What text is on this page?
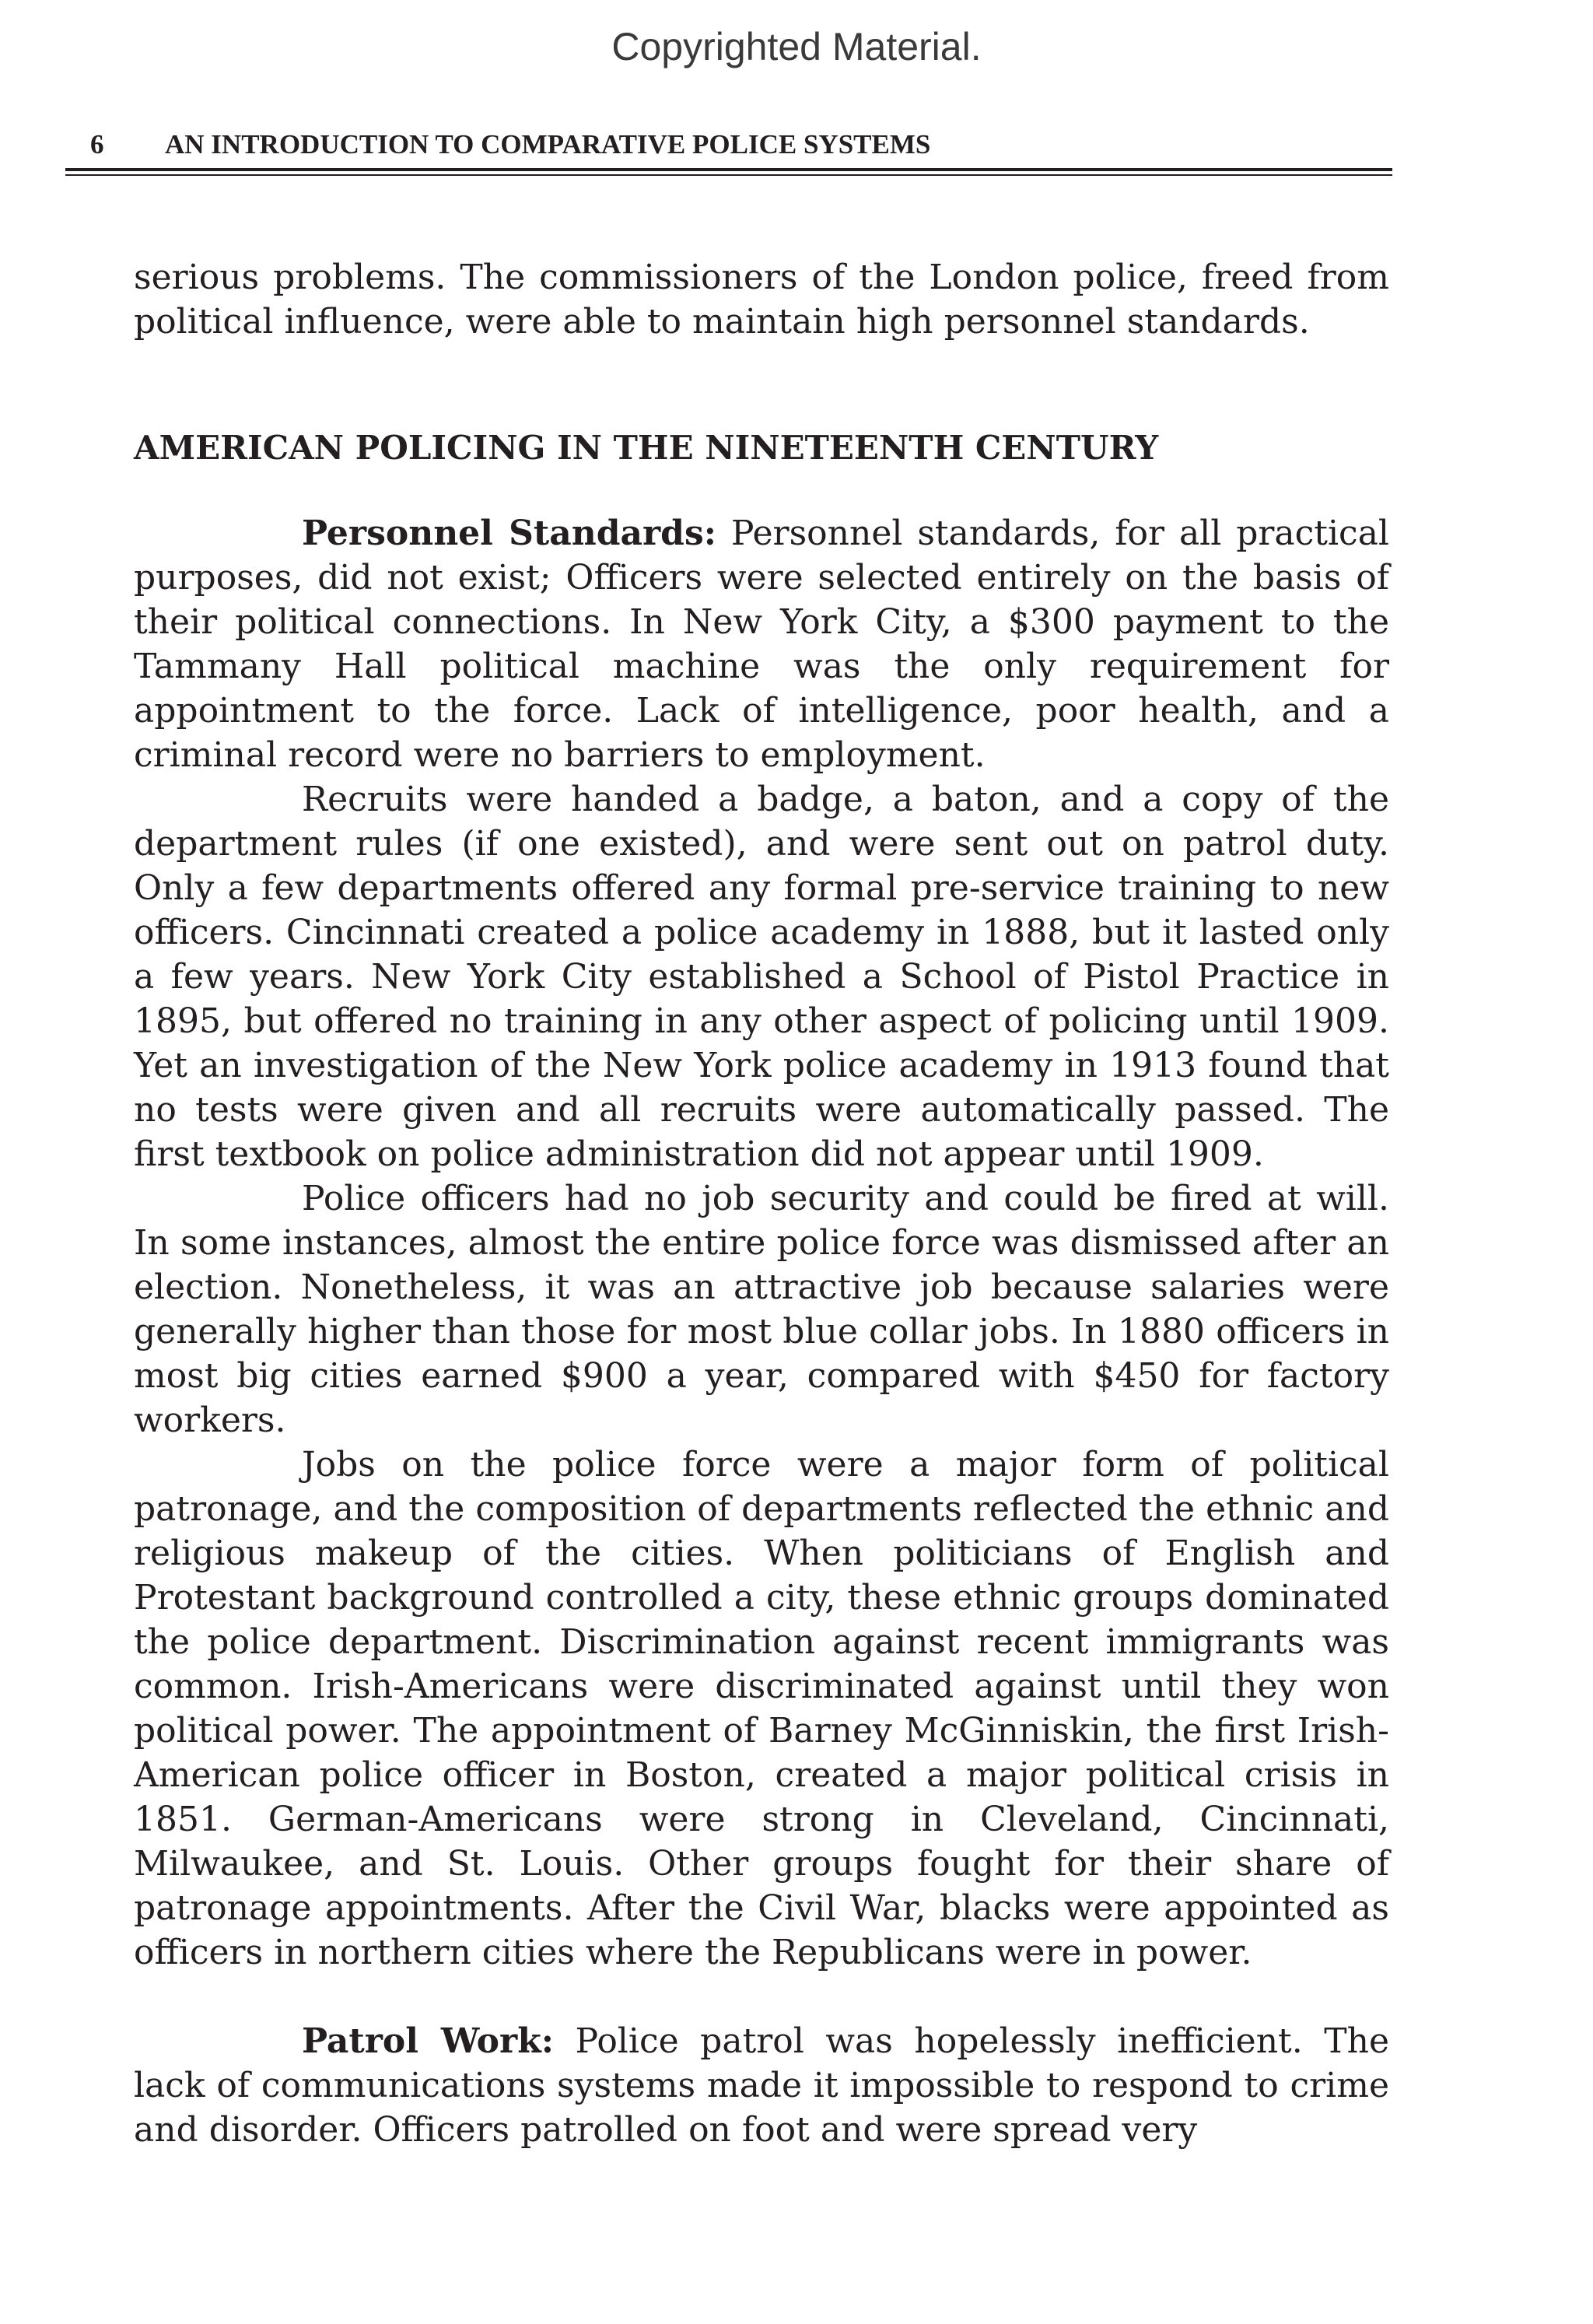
Copyrighted Material.
6 AN INTRODUCTION TO COMPARATIVE POLICE SYSTEMS

serious problems. The commissioners of the London police, freed from political influence, were able to maintain high personnel standards.

AMERICAN POLICING IN THE NINETEENTH CENTURY

Personnel Standards: Personnel standards, for all practical purposes, did not exist; Officers were selected entirely on the basis of their political connections. In New York City, a $300 payment to the Tammany Hall political machine was the only requirement for appointment to the force. Lack of intelligence, poor health, and a criminal record were no barriers to employment.

Recruits were handed a badge, a baton, and a copy of the department rules (if one existed), and were sent out on patrol duty. Only a few departments offered any formal pre-service training to new officers. Cincinnati created a police academy in 1888, but it lasted only a few years. New York City established a School of Pistol Practice in 1895, but offered no training in any other aspect of policing until 1909. Yet an investigation of the New York police academy in 1913 found that no tests were given and all recruits were automatically passed. The first textbook on police administration did not appear until 1909.

Police officers had no job security and could be fired at will. In some instances, almost the entire police force was dismissed after an election. Nonetheless, it was an attractive job because salaries were generally higher than those for most blue collar jobs. In 1880 officers in most big cities earned $900 a year, compared with $450 for factory workers.

Jobs on the police force were a major form of political patronage, and the composition of departments reflected the ethnic and religious makeup of the cities. When politicians of English and Protestant background controlled a city, these ethnic groups dominated the police department. Discrimination against recent immigrants was common. Irish-Americans were discriminated against until they won political power. The appointment of Barney McGinniskin, the first Irish-American police officer in Boston, created a major political crisis in 1851. German-Americans were strong in Cleveland, Cincinnati, Milwaukee, and St. Louis. Other groups fought for their share of patronage appointments. After the Civil War, blacks were appointed as officers in northern cities where the Republicans were in power.

Patrol Work: Police patrol was hopelessly inefficient. The lack of communications systems made it impossible to respond to crime and disorder. Officers patrolled on foot and were spread very
